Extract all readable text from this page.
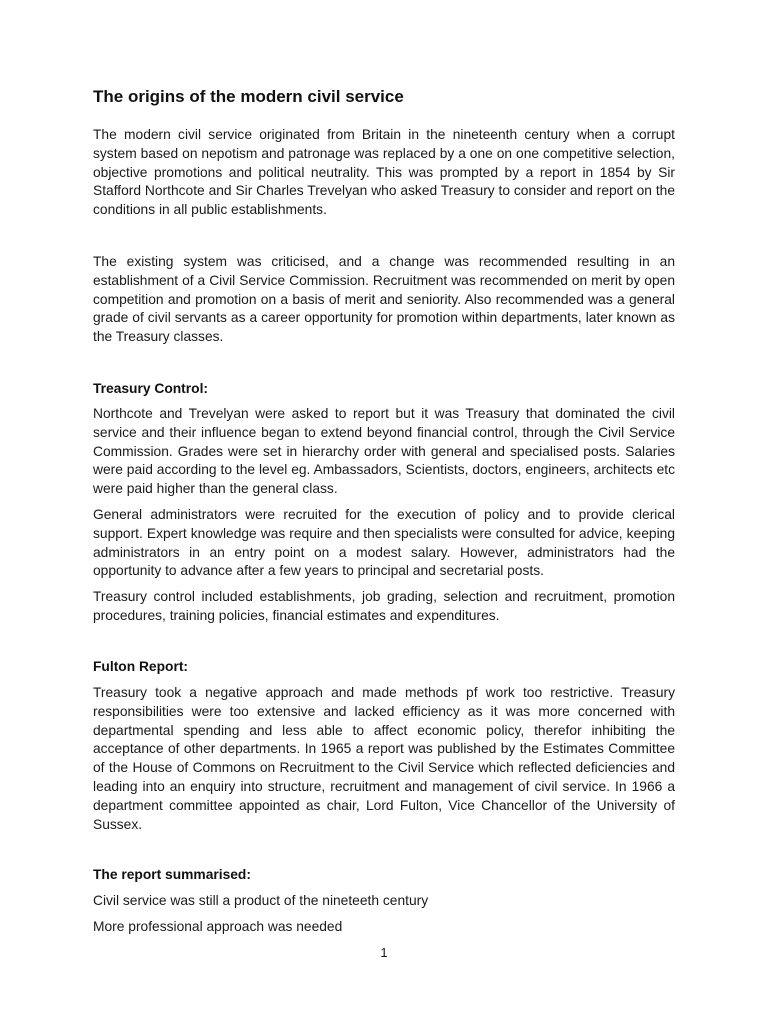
The origins of the modern civil service

The modern civil service originated from Britain in the nineteenth century when a corrupt system based on nepotism and patronage was replaced by a one on one competitive selection, objective promotions and political neutrality. This was prompted by a report in 1854 by Sir Stafford Northcote and Sir Charles Trevelyan who asked Treasury to consider and report on the conditions in all public establishments.

The existing system was criticised, and a change was recommended resulting in an establishment of a Civil Service Commission. Recruitment was recommended on merit by open competition and promotion on a basis of merit and seniority. Also recommended was a general grade of civil servants as a career opportunity for promotion within departments, later known as the Treasury classes.

Treasury Control:

Northcote and Trevelyan were asked to report but it was Treasury that dominated the civil service and their influence began to extend beyond financial control, through the Civil Service Commission. Grades were set in hierarchy order with general and specialised posts. Salaries were paid according to the level eg. Ambassadors, Scientists, doctors, engineers, architects etc were paid higher than the general class.

General administrators were recruited for the execution of policy and to provide clerical support. Expert knowledge was require and then specialists were consulted for advice, keeping administrators in an entry point on a modest salary. However, administrators had the opportunity to advance after a few years to principal and secretarial posts.

Treasury control included establishments, job grading, selection and recruitment, promotion procedures, training policies, financial estimates and expenditures.

Fulton Report:

Treasury took a negative approach and made methods pf work too restrictive. Treasury responsibilities were too extensive and lacked efficiency as it was more concerned with departmental spending and less able to affect economic policy, therefor inhibiting the acceptance of other departments. In 1965 a report was published by the Estimates Committee of the House of Commons on Recruitment to the Civil Service which reflected deficiencies and leading into an enquiry into structure, recruitment and management of civil service. In 1966 a department committee appointed as chair, Lord Fulton, Vice Chancellor of the University of Sussex.

The report summarised:

Civil service was still a product of the nineteeth century

More professional approach was needed

1
